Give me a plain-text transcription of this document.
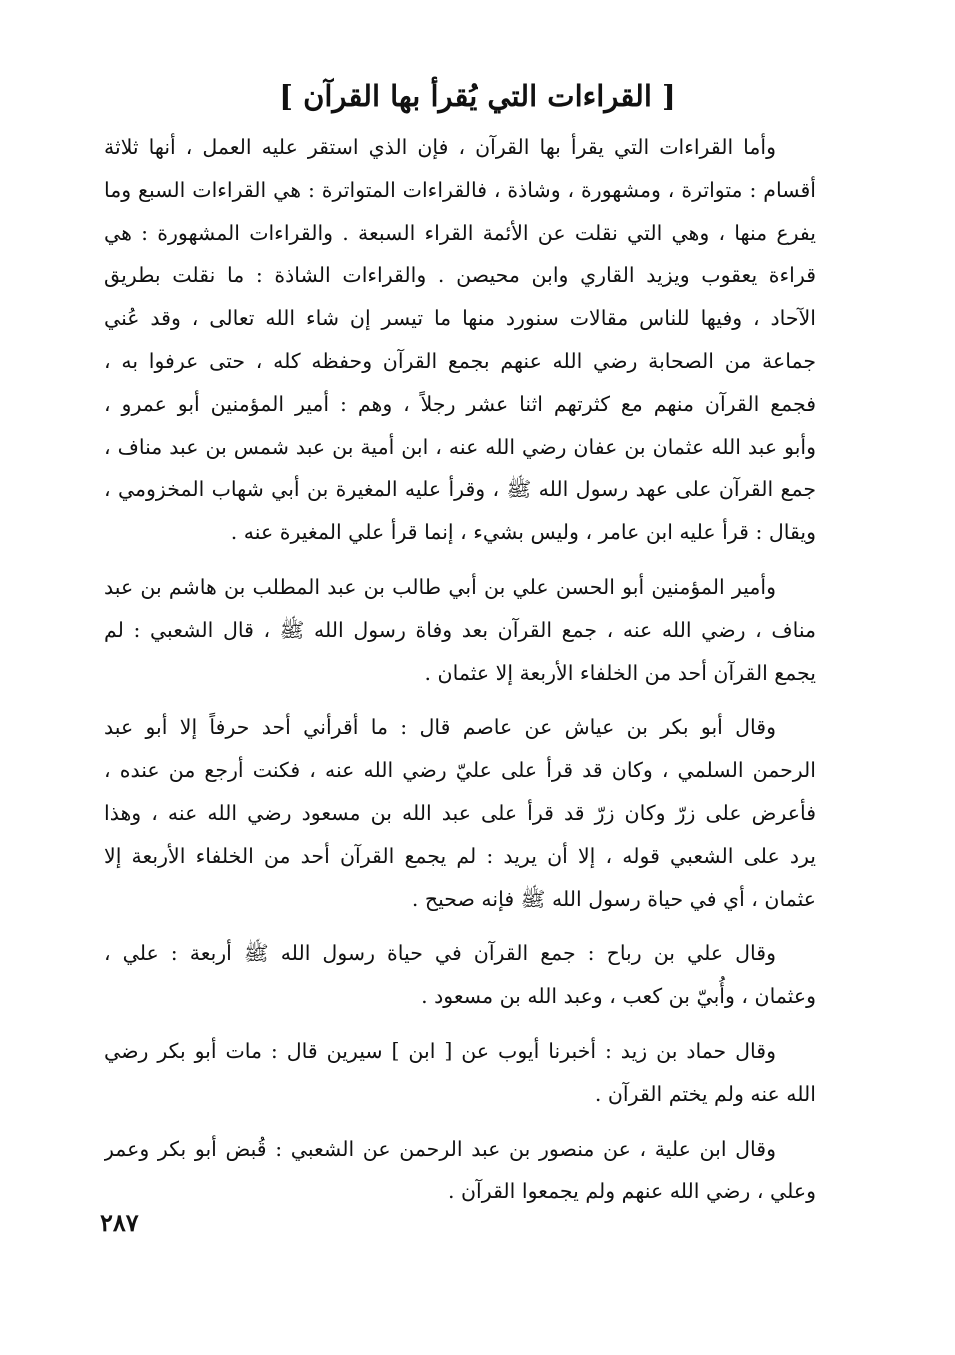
[ القراءات التي يُقرأ بها القرآن ]
وأما القراءات التي يقرأ بها القرآن ، فإن الذي استقر عليه العمل ، أنها ثلاثة
أقسام : متواترة ، ومشهورة ، وشاذة ، فالقراءات المتواترة : هي القراءات السبع وما
يفرع منها ، وهي التي نقلت عن الأئمة القراء السبعة . والقراءات المشهورة : هي
قراءة يعقوب ويزيد القاري وابن محيصن . والقراءات الشاذة : ما نقلت بطريق
الآحاد ، وفيها للناس مقالات سنورد منها ما تيسر إن شاء الله تعالى ، وقد عُني
جماعة من الصحابة رضي الله عنهم بجمع القرآن وحفظه كله ، حتى عرفوا به ،
فجمع القرآن منهم مع كثرتهم اثنا عشر رجلاً ، وهم : أمير المؤمنين أبو عمرو ،
وأبو عبد الله عثمان بن عفان رضي الله عنه ، ابن أمية بن عبد شمس بن عبد مناف ،
جمع القرآن على عهد رسول الله ﷺ ، وقرأ عليه المغيرة بن أبي شهاب المخزومي ،
ويقال : قرأ عليه ابن عامر ، وليس بشيء ، إنما قرأ علي المغيرة عنه .
وأمير المؤمنين أبو الحسن علي بن أبي طالب بن عبد المطلب بن هاشم بن عبد
مناف ، رضي الله عنه ، جمع القرآن بعد وفاة رسول الله ﷺ ، قال الشعبي : لم
يجمع القرآن أحد من الخلفاء الأربعة إلا عثمان .
وقال أبو بكر بن عياش عن عاصم قال : ما أقرأني أحد حرفاً إلا أبو عبد
الرحمن السلمي ، وكان قد قرأ على عليّ رضي الله عنه ، فكنت أرجع من عنده ،
فأعرض على زرّ وكان زرّ قد قرأ على عبد الله بن مسعود رضي الله عنه ، وهذا
يرد على الشعبي قوله ، إلا أن يريد : لم يجمع القرآن أحد من الخلفاء الأربعة إلا
عثمان ، أي في حياة رسول الله ﷺ فإنه صحيح .
وقال علي بن رباح : جمع القرآن في حياة رسول الله ﷺ أربعة : علي ،
وعثمان ، وأُبيّ بن كعب ، وعبد الله بن مسعود .
وقال حماد بن زيد : أخبرنا أيوب عن [ ابن ] سيرين قال : مات أبو بكر رضي
الله عنه ولم يختم القرآن .
وقال ابن علية ، عن منصور بن عبد الرحمن عن الشعبي : قُبض أبو بكر وعمر
وعلي ، رضي الله عنهم ولم يجمعوا القرآن .
٢٨٧
